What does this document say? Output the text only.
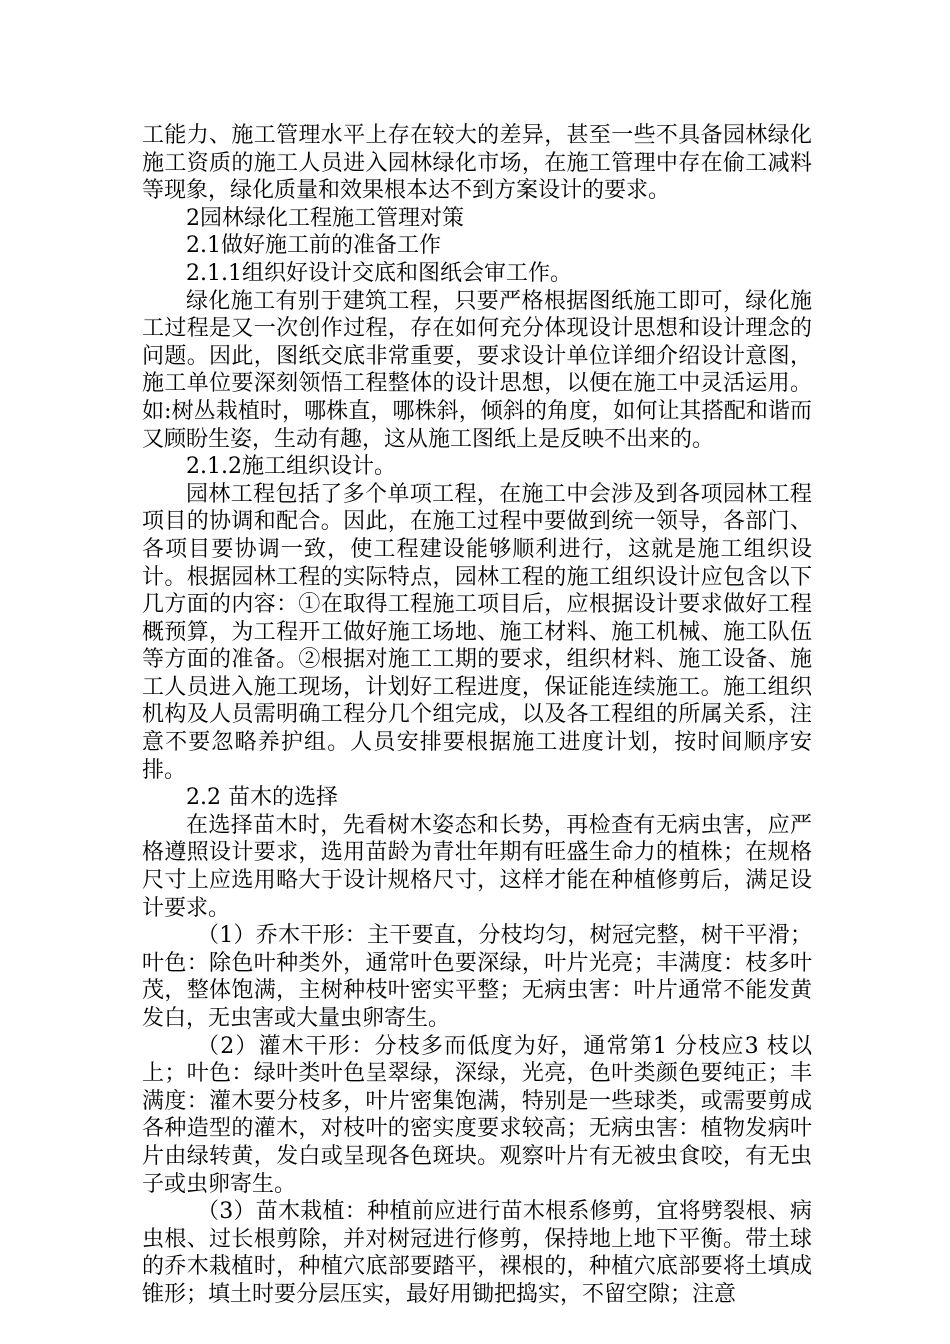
工能力、施工管理水平上存在较大的差异，甚至一些不具备园林绿化施工资质的施工人员进入园林绿化市场，在施工管理中存在偷工减料等现象，绿化质量和效果根本达不到方案设计的要求。

2园林绿化工程施工管理对策

2.1做好施工前的准备工作

2.1.1组织好设计交底和图纸会审工作。

绿化施工有别于建筑工程，只要严格根据图纸施工即可，绿化施工过程是又一次创作过程，存在如何充分体现设计思想和设计理念的问题。因此，图纸交底非常重要，要求设计单位详细介绍设计意图，施工单位要深刻领悟工程整体的设计思想，以便在施工中灵活运用。如:树丛栽植时，哪株直，哪株斜，倾斜的角度，如何让其搭配和谐而又顾盼生姿，生动有趣，这从施工图纸上是反映不出来的。

2.1.2施工组织设计。

园林工程包括了多个单项工程，在施工中会涉及到各项园林工程项目的协调和配合。因此，在施工过程中要做到统一领导，各部门、各项目要协调一致，使工程建设能够顺利进行，这就是施工组织设计。根据园林工程的实际特点，园林工程的施工组织设计应包含以下几方面的内容：①在取得工程施工项目后，应根据设计要求做好工程概预算，为工程开工做好施工场地、施工材料、施工机械、施工队伍等方面的准备。②根据对施工工期的要求，组织材料、施工设备、施工人员进入施工现场，计划好工程进度，保证能连续施工。施工组织机构及人员需明确工程分几个组完成，以及各工程组的所属关系，注意不要忽略养护组。人员安排要根据施工进度计划，按时间顺序安排。

2.2 苗木的选择

在选择苗木时，先看树木姿态和长势，再检查有无病虫害，应严格遵照设计要求，选用苗龄为青壮年期有旺盛生命力的植株；在规格尺寸上应选用略大于设计规格尺寸，这样才能在种植修剪后，满足设计要求。

（1）乔木干形：主干要直，分枝均匀，树冠完整，树干平滑；叶色：除色叶种类外，通常叶色要深绿，叶片光亮；丰满度：枝多叶茂，整体饱满，主树种枝叶密实平整；无病虫害：叶片通常不能发黄发白，无虫害或大量虫卵寄生。

（2）灌木干形：分枝多而低度为好，通常第1 分枝应3 枝以上；叶色：绿叶类叶色呈翠绿，深绿，光亮，色叶类颜色要纯正；丰满度：灌木要分枝多，叶片密集饱满，特别是一些球类，或需要剪成各种造型的灌木，对枝叶的密实度要求较高；无病虫害：植物发病叶片由绿转黄，发白或呈现各色斑块。观察叶片有无被虫食咬，有无虫子或虫卵寄生。

（3）苗木栽植：种植前应进行苗木根系修剪，宜将劈裂根、病虫根、过长根剪除，并对树冠进行修剪，保持地上地下平衡。带土球的乔木栽植时，种植穴底部要踏平，裸根的，种植穴底部要将土填成锥形；填土时要分层压实，最好用锄把捣实，不留空隙；注意
